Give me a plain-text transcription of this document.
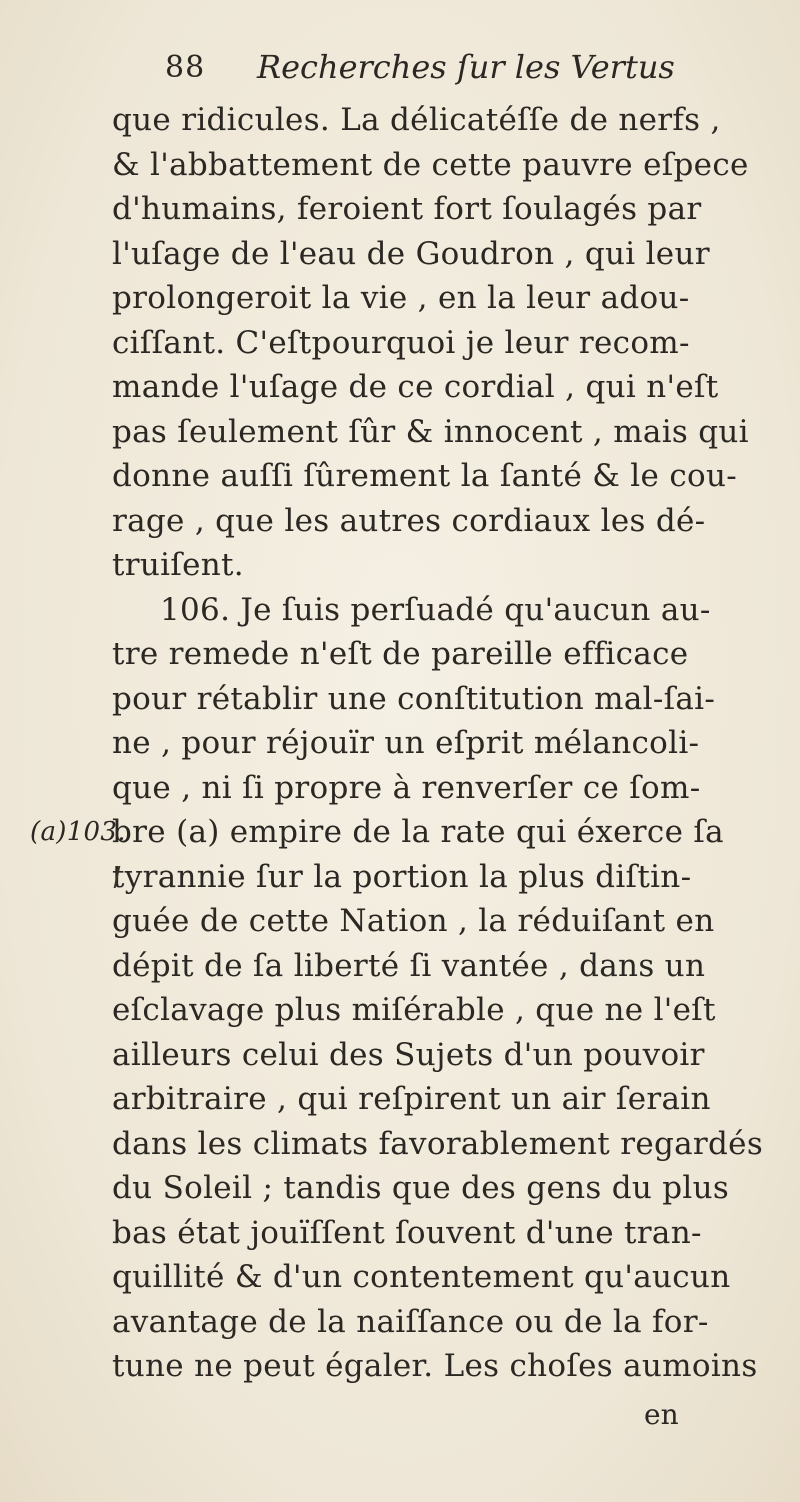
88 Recherches ſur les Vertus
que ridicules. La délicatéſſe de nerfs ,
& l'abbattement de cette pauvre eſpece
d'humains, feroient fort ſoulagés par
l'uſage de l'eau de Goudron , qui leur
prolongeroit la vie , en la leur adou-
ciſſant. C'eſtpourquoi je leur recom-
mande l'uſage de ce cordial , qui n'eſt
pas ſeulement ſûr & innocent , mais qui
donne auſſi ſûrement la ſanté & le cou-
rage , que les autres cordiaux les dé-
truiſent.
106. Je ſuis perſuadé qu'aucun au-
tre remede n'eſt de pareille efficace
pour rétablir une conſtitution mal-ſai-
ne , pour réjouïr un eſprit mélancoli-
que , ni ſi propre à renverſer ce ſom-
(a)103.
bre (a) empire de la rate qui éxerce ſa
tyrannie ſur la portion la plus diſtin-
guée de cette Nation , la réduiſant en
dépit de ſa liberté ſi vantée , dans un
eſclavage plus miſérable , que ne l'eſt
ailleurs celui des Sujets d'un pouvoir
arbitraire , qui reſpirent un air ſerain
dans les climats favorablement regardés
du Soleil ; tandis que des gens du plus
bas état jouïſſent ſouvent d'une tran-
quillité & d'un contentement qu'aucun
avantage de la naiſſance ou de la for-
tune ne peut égaler. Les choſes aumoins
en
